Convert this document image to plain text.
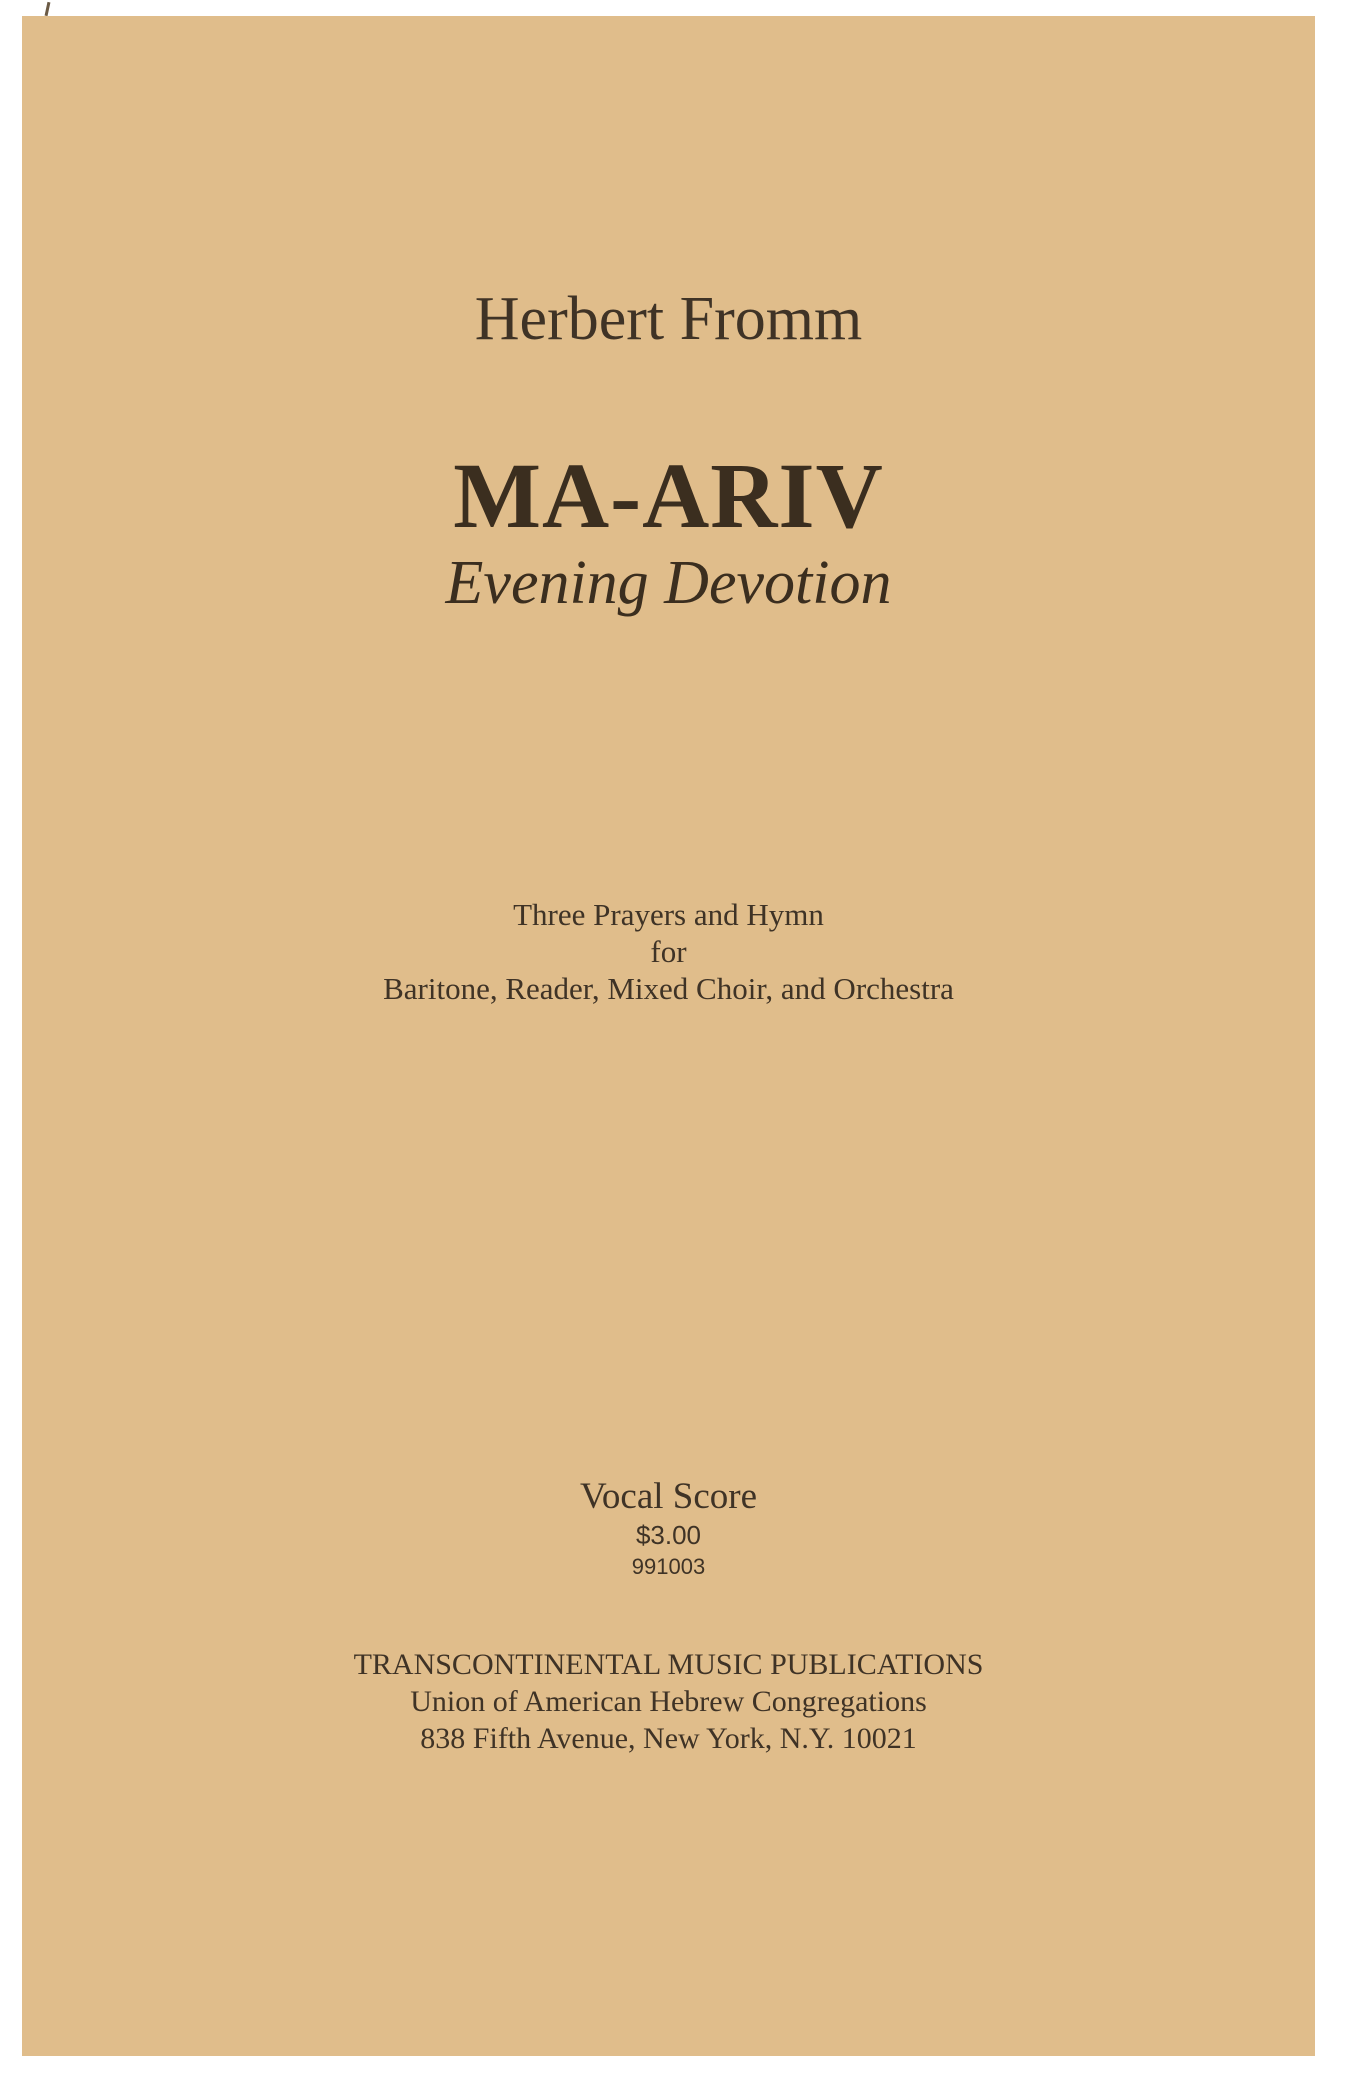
Herbert Fromm
MA-ARIV
Evening Devotion
Three Prayers and Hymn
for
Baritone, Reader, Mixed Choir, and Orchestra
Vocal Score
$3.00
991003
TRANSCONTINENTAL MUSIC PUBLICATIONS
Union of American Hebrew Congregations
838 Fifth Avenue, New York, N.Y. 10021
